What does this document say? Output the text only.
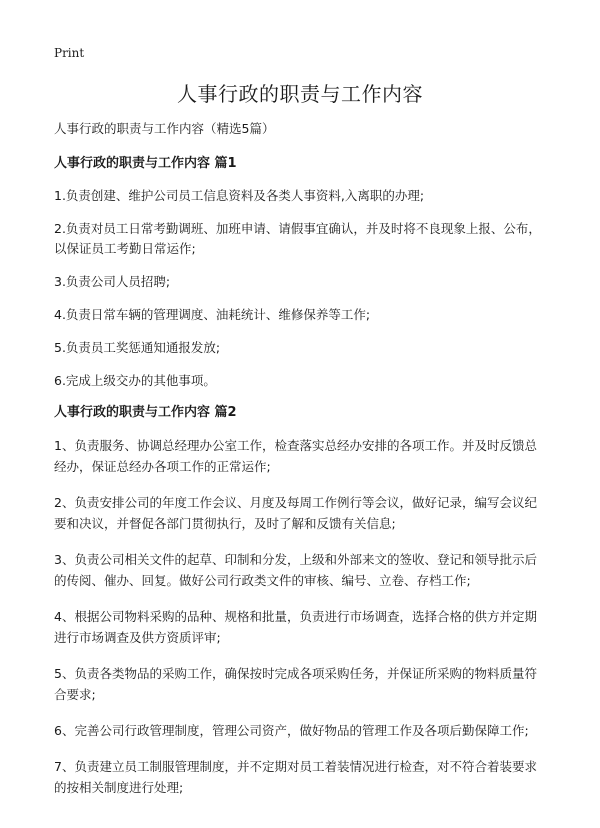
Print
人事行政的职责与工作内容

人事行政的职责与工作内容（精选5篇）

人事行政的职责与工作内容 篇1

1.负责创建、维护公司员工信息资料及各类人事资料,入离职的办理;

2.负责对员工日常考勤调班、加班申请、请假事宜确认，并及时将不良现象上报、公布，以保证员工考勤日常运作;

3.负责公司人员招聘;

4.负责日常车辆的管理调度、油耗统计、维修保养等工作;

5.负责员工奖惩通知通报发放;

6.完成上级交办的其他事项。

人事行政的职责与工作内容 篇2

1、负责服务、协调总经理办公室工作，检查落实总经办安排的各项工作。并及时反馈总经办，保证总经办各项工作的正常运作;

2、负责安排公司的年度工作会议、月度及每周工作例行等会议，做好记录，编写会议纪要和决议，并督促各部门贯彻执行，及时了解和反馈有关信息;

3、负责公司相关文件的起草、印制和分发，上级和外部来文的签收、登记和领导批示后的传阅、催办、回复。做好公司行政类文件的审核、编号、立卷、存档工作;

4、根据公司物料采购的品种、规格和批量，负责进行市场调查，选择合格的供方并定期进行市场调查及供方资质评审;

5、负责各类物品的采购工作，确保按时完成各项采购任务，并保证所采购的物料质量符合要求;

6、完善公司行政管理制度，管理公司资产，做好物品的管理工作及各项后勤保障工作;

7、负责建立员工制服管理制度，并不定期对员工着装情况进行检查，对不符合着装要求的按相关制度进行处理;
